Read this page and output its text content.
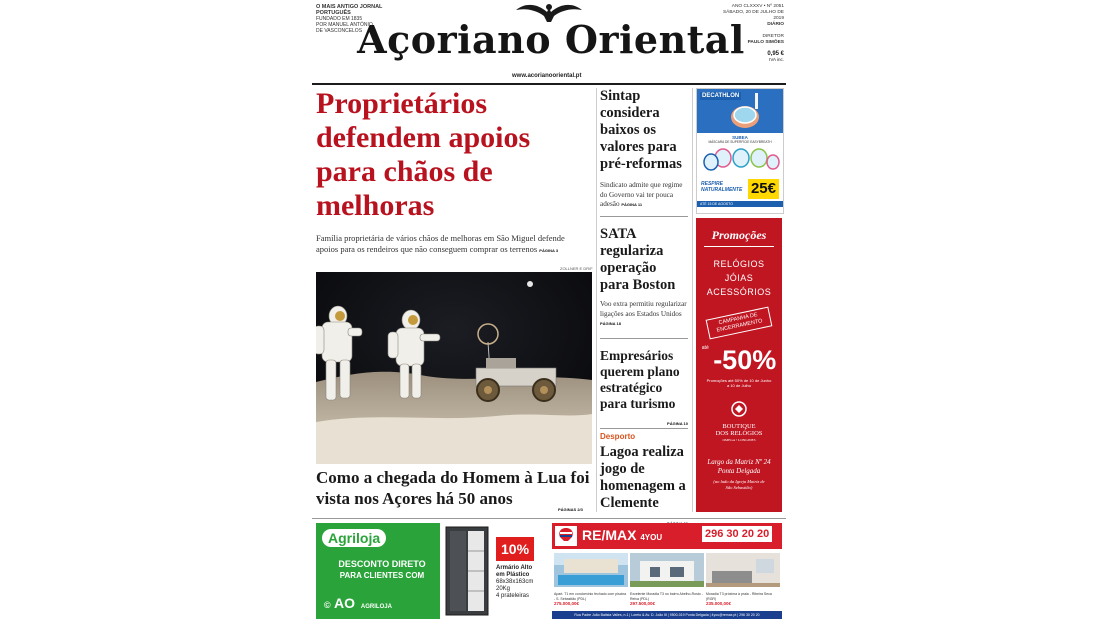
O MAIS ANTIGO JORNAL PORTUGUÊS
FUNDADO EM 1835
POR MANUEL ANTÓNIO
DE VASCONCELOS
Açoriano Oriental
ANO CLXXXV • Nº 2051
SÁBADO, 20 DE JULHO DE 2019
DIÁRIO

DIRETOR
PAULO SIMÕES
0,95 €
IVA inc.
www.acorianooriental.pt
Proprietários defendem apoios para chãos de melhoras
Família proprietária de vários chãos de melhoras em São Miguel defende apoios para os rendeiros que não conseguem comprar os terrenos PÁGINA 3
ZOLLNER E DR/F
Como a chegada do Homem à Lua foi vista nos Açores há 50 anos
PÁGINAS 2/3
Sintap considera baixos os valores para pré-reformas
Sindicato admite que regime do Governo vai ter pouca adesão PÁGINA 11
SATA regulariza operação para Boston
Voo extra permitiu regularizar ligações aos Estados Unidos PÁGINA 18
Empresários querem plano estratégico para turismo
PÁGINA 10
Desporto
Lagoa realiza jogo de homenagem a Clemente
DECATHLON
SUBEA
MÁSCARA DE SUPERFÍCIE EASYBREATH
RESPIRE
NATURALMENTE 25€
ATÉ 15 DE AGOSTO
Promoções
RELÓGIOS
JÓIAS
ACESSÓRIOS
CAMPANHA DE ENCERRAMENTO
$^{até}$ -50%
Promoções até 50% de 10 de Junho a 10 de Julho
BOUTIQUE
DOS RELÓGIOS
OMEGA • LONGINES
Largo da Matriz Nº 24
Ponta Delgada
(ao lado da Igreja Matriz de São Sebastião)
Agriloja
DESCONTO DIRETO
PARA CLIENTES COM
© AO AGRILOJA
10%
Armário Alto
em Plástico
68x38x163cm
20Kg
4 prateleiras
RE/MAX 4YOU	296 30 20 20
Apart. T1 em condomínio fechado com piscina - S. Sebastião (PDL)
275.000,00€
Excelente Moradia T3 no bairro Abelho-Rosto - Relva (PDL)
297.500,00€
Moradia T3 próxima à praia - Ribeira Seca (RGR)
235.000,00€
Rua Padre João Batista Valles, n.1 | Loreto & Av. D. João III | 9500-019 Ponta Delgada | 4you@remax.pt | 296 30 20 20
